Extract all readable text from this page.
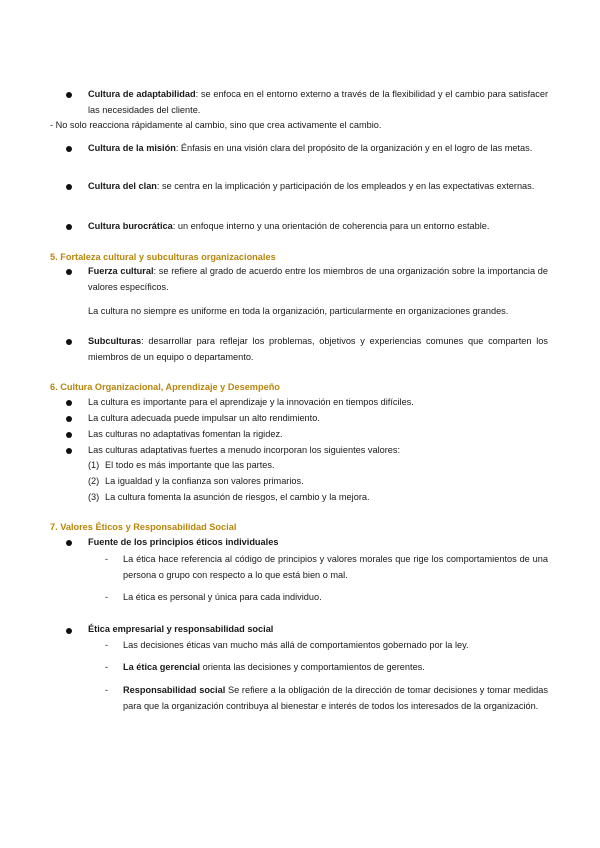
Cultura de adaptabilidad: se enfoca en el entorno externo a través de la flexibilidad y el cambio para satisfacer las necesidades del cliente.
- No solo reacciona rápidamente al cambio, sino que crea activamente el cambio.
Cultura de la misión: Énfasis en una visión clara del propósito de la organización y en el logro de las metas.
Cultura del clan: se centra en la implicación y participación de los empleados y en las expectativas externas.
Cultura burocrática: un enfoque interno y una orientación de coherencia para un entorno estable.
5. Fortaleza cultural y subculturas organizacionales
Fuerza cultural: se refiere al grado de acuerdo entre los miembros de una organización sobre la importancia de valores específicos.
La cultura no siempre es uniforme en toda la organización, particularmente en organizaciones grandes.
Subculturas: desarrollar para reflejar los problemas, objetivos y experiencias comunes que comparten los miembros de un equipo o departamento.
6. Cultura Organizacional, Aprendizaje y Desempeño
La cultura es importante para el aprendizaje y la innovación en tiempos difíciles.
La cultura adecuada puede impulsar un alto rendimiento.
Las culturas no adaptativas fomentan la rigidez.
Las culturas adaptativas fuertes a menudo incorporan los siguientes valores:
(1) El todo es más importante que las partes.
(2) La igualdad y la confianza son valores primarios.
(3) La cultura fomenta la asunción de riesgos, el cambio y la mejora.
7. Valores Éticos y Responsabilidad Social
Fuente de los principios éticos individuales
- La ética hace referencia al código de principios y valores morales que rige los comportamientos de una persona o grupo con respecto a lo que está bien o mal.
- La ética es personal y única para cada individuo.
Ética empresarial y responsabilidad social
- Las decisiones éticas van mucho más allá de comportamientos gobernado por la ley.
- La ética gerencial orienta las decisiones y comportamientos de gerentes.
- Responsabilidad social Se refiere a la obligación de la dirección de tomar decisiones y tomar medidas para que la organización contribuya al bienestar e interés de todos los interesados de la organización.
